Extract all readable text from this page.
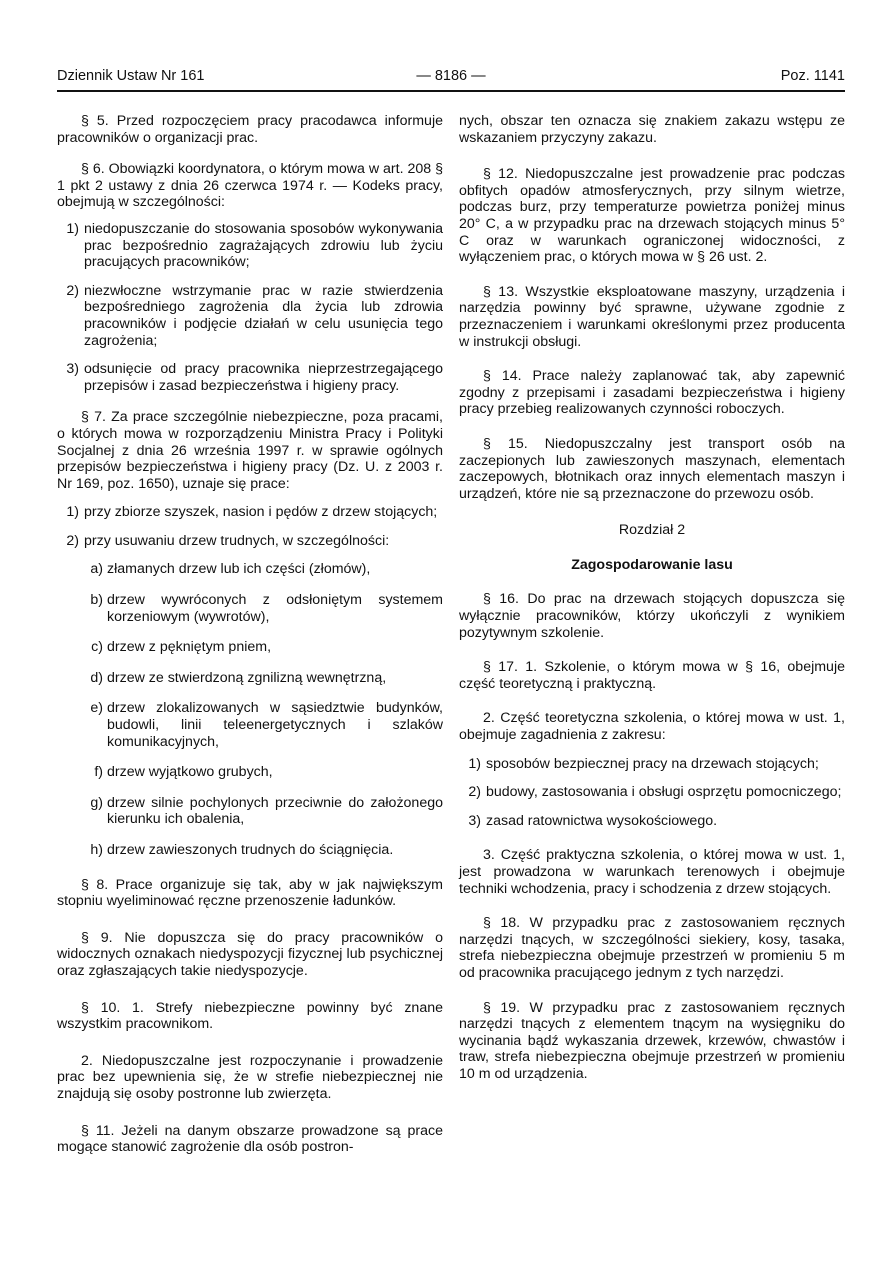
Dziennik Ustaw Nr 161	— 8186 —	Poz. 1141

§ 5. Przed rozpoczęciem pracy pracodawca informuje pracowników o organizacji prac.

§ 6. Obowiązki koordynatora, o którym mowa w art. 208 § 1 pkt 2 ustawy z dnia 26 czerwca 1974 r. — Kodeks pracy, obejmują w szczególności:

1) niedopuszczanie do stosowania sposobów wykonywania prac bezpośrednio zagrażających zdrowiu lub życiu pracujących pracowników;
2) niezwłoczne wstrzymanie prac w razie stwierdzenia bezpośredniego zagrożenia dla życia lub zdrowia pracowników i podjęcie działań w celu usunięcia tego zagrożenia;
3) odsunięcie od pracy pracownika nieprzestrzegającego przepisów i zasad bezpieczeństwa i higieny pracy.

§ 7. Za prace szczególnie niebezpieczne, poza pracami, o których mowa w rozporządzeniu Ministra Pracy i Polityki Socjalnej z dnia 26 września 1997 r. w sprawie ogólnych przepisów bezpieczeństwa i higieny pracy (Dz. U. z 2003 r. Nr 169, poz. 1650), uznaje się prace:

1) przy zbiorze szyszek, nasion i pędów z drzew stojących;
2) przy usuwaniu drzew trudnych, w szczególności:
a) złamanych drzew lub ich części (złomów),
b) drzew wywróconych z odsłoniętym systemem korzeniowym (wywrotów),
c) drzew z pękniętym pniem,
d) drzew ze stwierdzoną zgnilizną wewnętrzną,
e) drzew zlokalizowanych w sąsiedztwie budynków, budowli, linii teleenergetycznych i szlaków komunikacyjnych,
f) drzew wyjątkowo grubych,
g) drzew silnie pochylonych przeciwnie do założonego kierunku ich obalenia,
h) drzew zawieszonych trudnych do ściągnięcia.

§ 8. Prace organizuje się tak, aby w jak największym stopniu wyeliminować ręczne przenoszenie ładunków.

§ 9. Nie dopuszcza się do pracy pracowników o widocznych oznakach niedyspozycji fizycznej lub psychicznej oraz zgłaszających takie niedyspozycje.

§ 10. 1. Strefy niebezpieczne powinny być znane wszystkim pracownikom.

2. Niedopuszczalne jest rozpoczynanie i prowadzenie prac bez upewnienia się, że w strefie niebezpiecznej nie znajdują się osoby postronne lub zwierzęta.

§ 11. Jeżeli na danym obszarze prowadzone są prace mogące stanowić zagrożenie dla osób postron-

nych, obszar ten oznacza się znakiem zakazu wstępu ze wskazaniem przyczyny zakazu.

§ 12. Niedopuszczalne jest prowadzenie prac podczas obfitych opadów atmosferycznych, przy silnym wietrze, podczas burz, przy temperaturze powietrza poniżej minus 20° C, a w przypadku prac na drzewach stojących minus 5° C oraz w warunkach ograniczonej widoczności, z wyłączeniem prac, o których mowa w § 26 ust. 2.

§ 13. Wszystkie eksploatowane maszyny, urządzenia i narzędzia powinny być sprawne, używane zgodnie z przeznaczeniem i warunkami określonymi przez producenta w instrukcji obsługi.

§ 14. Prace należy zaplanować tak, aby zapewnić zgodny z przepisami i zasadami bezpieczeństwa i higieny pracy przebieg realizowanych czynności roboczych.

§ 15. Niedopuszczalny jest transport osób na zaczepionych lub zawieszonych maszynach, elementach zaczepowych, błotnikach oraz innych elementach maszyn i urządzeń, które nie są przeznaczone do przewozu osób.

Rozdział 2
Zagospodarowanie lasu

§ 16. Do prac na drzewach stojących dopuszcza się wyłącznie pracowników, którzy ukończyli z wynikiem pozytywnym szkolenie.

§ 17. 1. Szkolenie, o którym mowa w § 16, obejmuje część teoretyczną i praktyczną.

2. Część teoretyczna szkolenia, o której mowa w ust. 1, obejmuje zagadnienia z zakresu:

1) sposobów bezpiecznej pracy na drzewach stojących;
2) budowy, zastosowania i obsługi osprzętu pomocniczego;
3) zasad ratownictwa wysokościowego.

3. Część praktyczna szkolenia, o której mowa w ust. 1, jest prowadzona w warunkach terenowych i obejmuje techniki wchodzenia, pracy i schodzenia z drzew stojących.

§ 18. W przypadku prac z zastosowaniem ręcznych narzędzi tnących, w szczególności siekiery, kosy, tasaka, strefa niebezpieczna obejmuje przestrzeń w promieniu 5 m od pracownika pracującego jednym z tych narzędzi.

§ 19. W przypadku prac z zastosowaniem ręcznych narzędzi tnących z elementem tnącym na wysięgniku do wycinania bądź wykaszania drzewek, krzewów, chwastów i traw, strefa niebezpieczna obejmuje przestrzeń w promieniu 10 m od urządzenia.
